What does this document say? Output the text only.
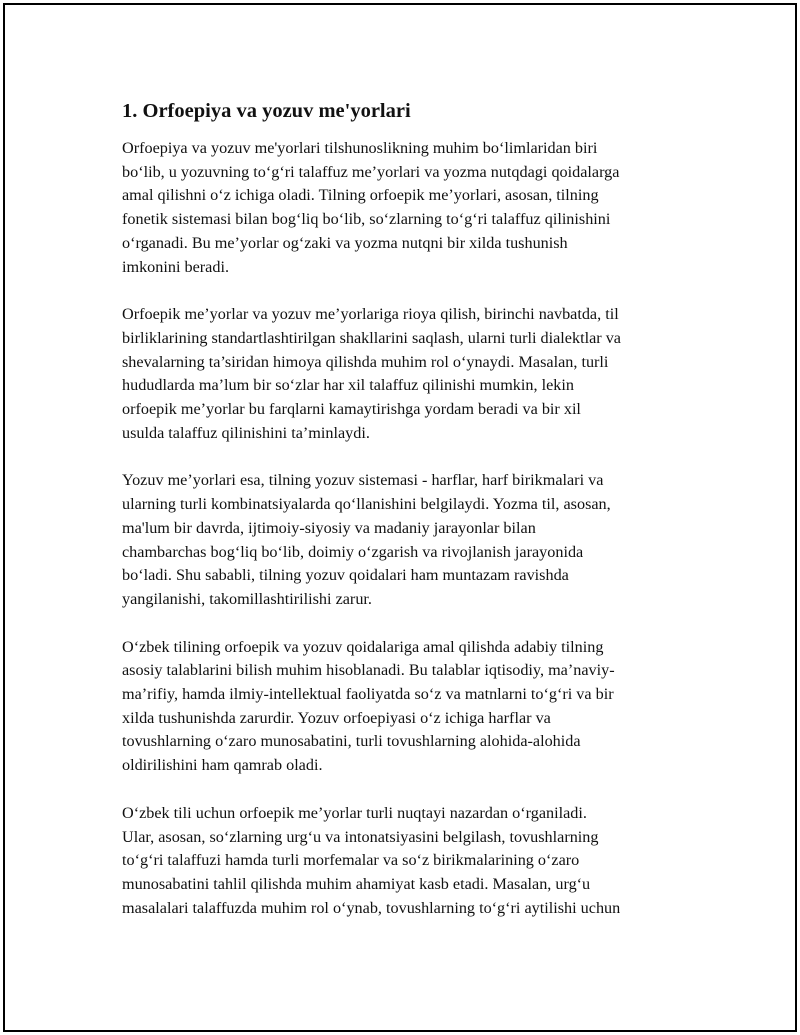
1. Orfoepiya va yozuv me'yorlari

Orfoepiya va yozuv me'yorlari tilshunoslikning muhim bo‘limlaridan biri
bo‘lib, u yozuvning to‘g‘ri talaffuz me’yorlari va yozma nutqdagi qoidalarga
amal qilishni o‘z ichiga oladi. Tilning orfoepik me’yorlari, asosan, tilning
fonetik sistemasi bilan bog‘liq bo‘lib, so‘zlarning to‘g‘ri talaffuz qilinishini
o‘rganadi. Bu me’yorlar og‘zaki va yozma nutqni bir xilda tushunish
imkonini beradi.

Orfoepik me’yorlar va yozuv me’yorlariga rioya qilish, birinchi navbatda, til
birliklarining standartlashtirilgan shakllarini saqlash, ularni turli dialektlar va
shevalarning ta’siridan himoya qilishda muhim rol o‘ynaydi. Masalan, turli
hududlarda ma’lum bir so‘zlar har xil talaffuz qilinishi mumkin, lekin
orfoepik me’yorlar bu farqlarni kamaytirishga yordam beradi va bir xil
usulda talaffuz qilinishini ta’minlaydi.

Yozuv me’yorlari esa, tilning yozuv sistemasi - harflar, harf birikmalari va
ularning turli kombinatsiyalarda qo‘llanishini belgilaydi. Yozma til, asosan,
ma'lum bir davrda, ijtimoiy-siyosiy va madaniy jarayonlar bilan
chambarchas bog‘liq bo‘lib, doimiy o‘zgarish va rivojlanish jarayonida
bo‘ladi. Shu sababli, tilning yozuv qoidalari ham muntazam ravishda
yangilanishi, takomillashtirilishi zarur.

O‘zbek tilining orfoepik va yozuv qoidalariga amal qilishda adabiy tilning
asosiy talablarini bilish muhim hisoblanadi. Bu talablar iqtisodiy, ma’naviy-
ma’rifiy, hamda ilmiy-intellektual faoliyatda so‘z va matnlarni to‘g‘ri va bir
xilda tushunishda zarurdir. Yozuv orfoepiyasi o‘z ichiga harflar va
tovushlarning o‘zaro munosabatini, turli tovushlarning alohida-alohida
oldirilishini ham qamrab oladi.

O‘zbek tili uchun orfoepik me’yorlar turli nuqtayi nazardan o‘rganiladi.
Ular, asosan, so‘zlarning urg‘u va intonatsiyasini belgilash, tovushlarning
to‘g‘ri talaffuzi hamda turli morfemalar va so‘z birikmalarining o‘zaro
munosabatini tahlil qilishda muhim ahamiyat kasb etadi. Masalan, urg‘u
masalalari talaffuzda muhim rol o‘ynab, tovushlarning to‘g‘ri aytilishi uchun
